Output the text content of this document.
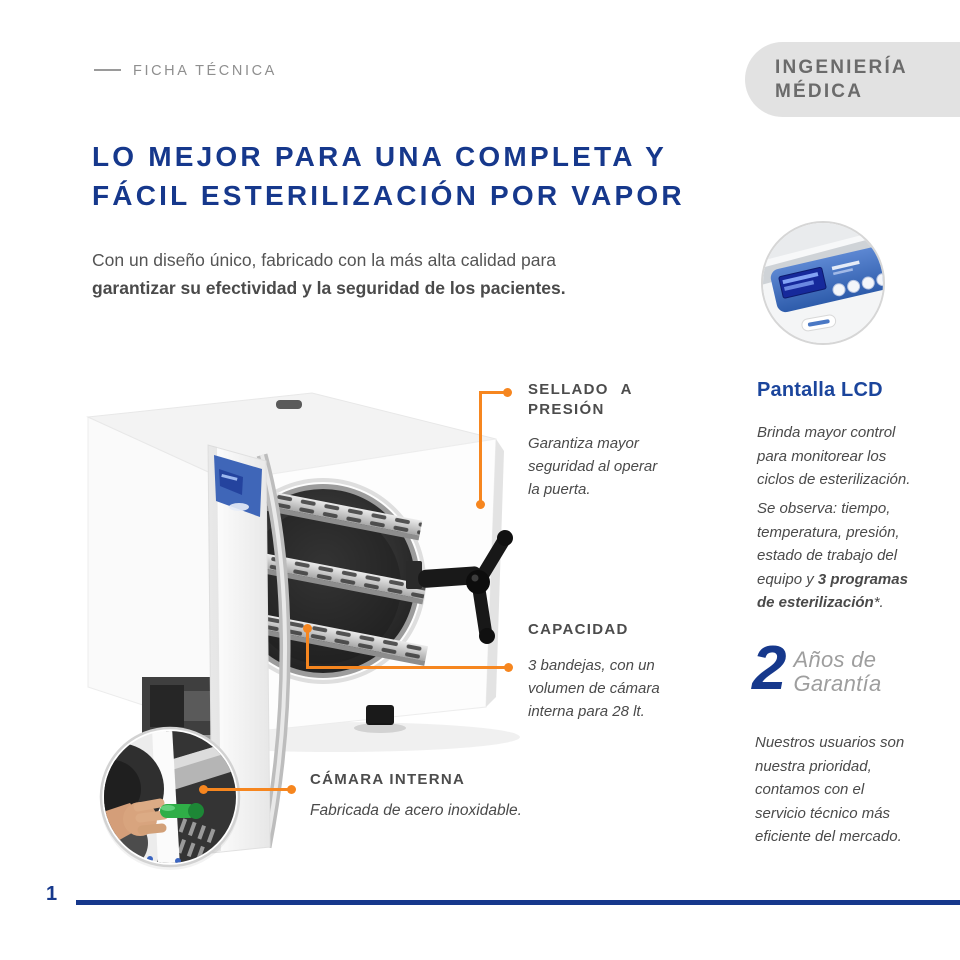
FICHA TÉCNICA	INGENIERÍA
MÉDICA
LO MEJOR PARA UNA COMPLETA Y
FÁCIL ESTERILIZACIÓN POR VAPOR
Con un diseño único, fabricado con la más alta calidad para
garantizar su efectividad y la seguridad de los pacientes.
SELLADO A
PRESIÓN
Garantiza mayor
seguridad al operar
la puerta.
CAPACIDAD
3 bandejas, con un
volumen de cámara
interna para 28 lt.
CÁMARA INTERNA
Fabricada de acero inoxidable.
Pantalla LCD
Brinda mayor control
para monitorear los
ciclos de esterilización.
Se observa: tiempo,
temperatura, presión,
estado de trabajo del
equipo y 3 programas
de esterilización*.
2 Años de
Garantía
Nuestros usuarios son
nuestra prioridad,
contamos con el
servicio técnico más
eficiente del mercado.
1
